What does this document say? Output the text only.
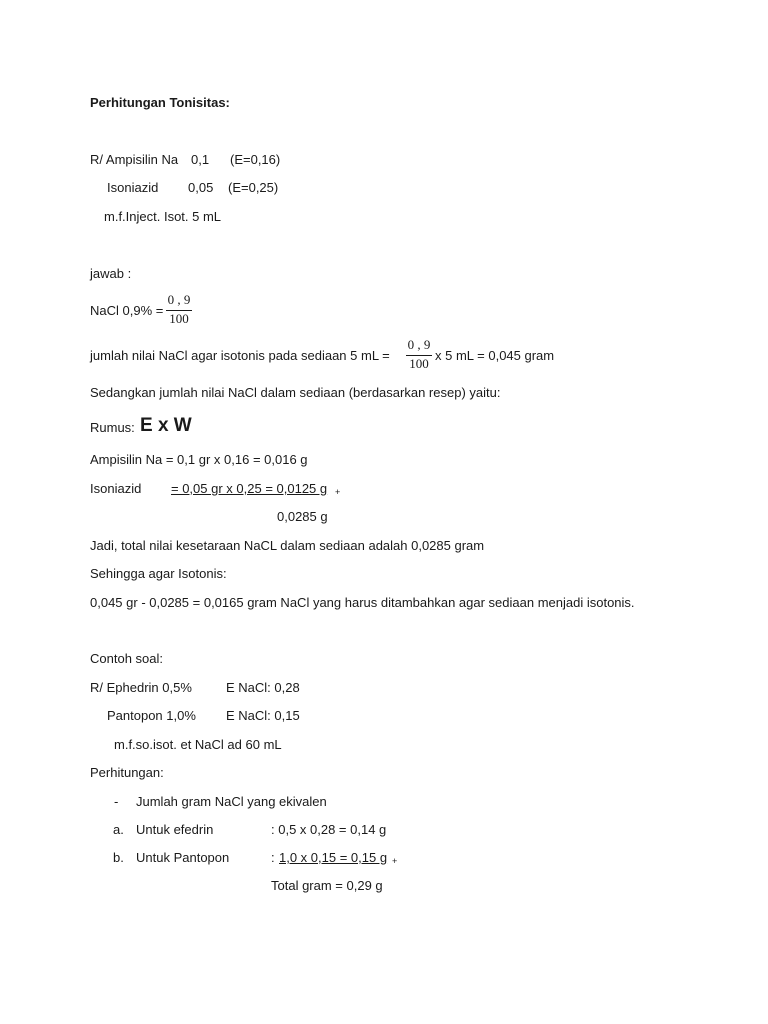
Perhitungan Tonisitas:
R/ Ampisilin Na 0,1 (E=0,16)
Isoniazid 0,05 (E=0,25)
m.f.Inject. Isot. 5 mL
jawab :
NaCl 0,9% =
0 , 9
100
jumlah nilai NaCl agar isotonis pada sediaan 5 mL =
0 , 9
100
x 5 mL = 0,045 gram
Sedangkan jumlah nilai NaCl dalam sediaan (berdasarkan resep) yaitu:
Rumus: E x W
Ampisilin Na = 0,1 gr x 0,16 = 0,016 g
Isoniazid = 0,05 gr x 0,25 = 0,0125 g +
0,0285 g
Jadi, total nilai kesetaraan NaCL dalam sediaan adalah 0,0285 gram
Sehingga agar Isotonis:
0,045 gr - 0,0285 = 0,0165 gram NaCl yang harus ditambahkan agar sediaan menjadi isotonis.
Contoh soal:
R/ Ephedrin 0,5%	E NaCl: 0,28
Pantopon 1,0% E NaCl: 0,15
m.f.so.isot. et NaCl ad 60 mL
Perhitungan:
- Jumlah gram NaCl yang ekivalen
a. Untuk efedrin	: 0,5 x 0,28 = 0,14 g
b. Untuk Pantopon	: 1,0 x 0,15 = 0,15 g +
Total gram = 0,29 g
